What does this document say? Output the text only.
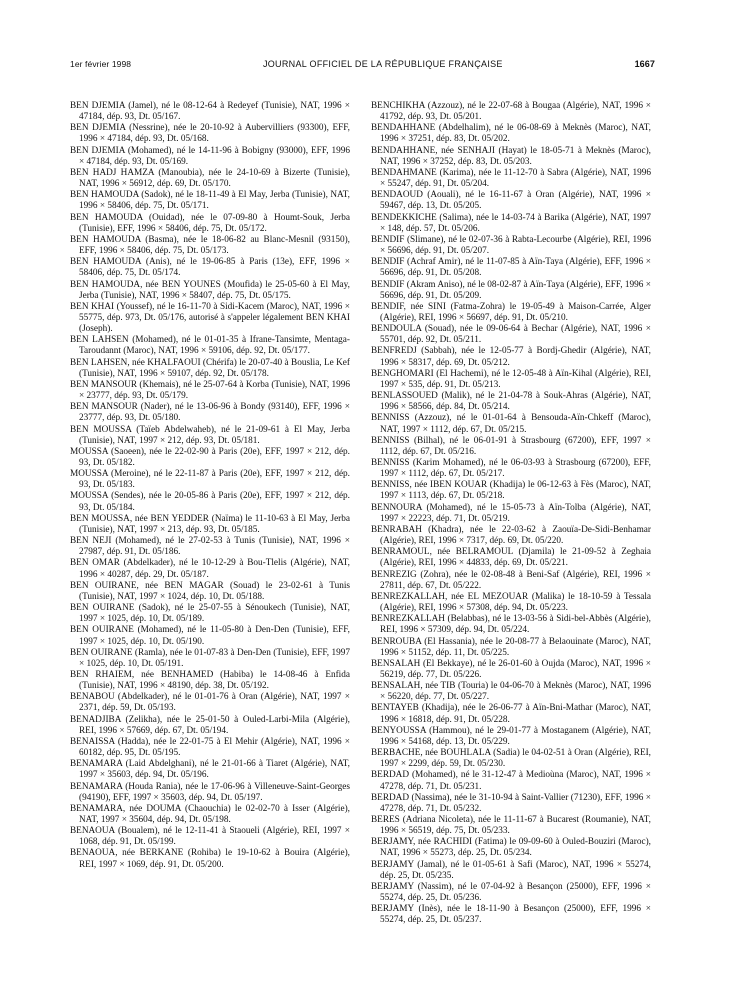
1er février 1998	JOURNAL OFFICIEL DE LA RÉPUBLIQUE FRANÇAISE	1667

BEN DJEMIA (Jamel), né le 08-12-64 à Redeyef (Tunisie), NAT, 1996 × 47184, dép. 93, Dt. 05/167.

BEN DJEMIA (Nessrine), née le 20-10-92 à Aubervilliers (93300), EFF, 1996 × 47184, dép. 93, Dt. 05/168.

BEN DJEMIA (Mohamed), né le 14-11-96 à Bobigny (93000), EFF, 1996 × 47184, dép. 93, Dt. 05/169.

BEN HADJ HAMZA (Manoubia), née le 24-10-69 à Bizerte (Tunisie), NAT, 1996 × 56912, dép. 69, Dt. 05/170.

BEN HAMOUDA (Sadok), né le 18-11-49 à El May, Jerba (Tunisie), NAT, 1996 × 58406, dép. 75, Dt. 05/171.

BEN HAMOUDA (Ouidad), née le 07-09-80 à Houmt-Souk, Jerba (Tunisie), EFF, 1996 × 58406, dép. 75, Dt. 05/172.

BEN HAMOUDA (Basma), née le 18-06-82 au Blanc-Mesnil (93150), EFF, 1996 × 58406, dép. 75, Dt. 05/173.

BEN HAMOUDA (Anis), né le 19-06-85 à Paris (13e), EFF, 1996 × 58406, dép. 75, Dt. 05/174.

BEN HAMOUDA, née BEN YOUNES (Moufida) le 25-05-60 à El May, Jerba (Tunisie), NAT, 1996 × 58407, dép. 75, Dt. 05/175.

BEN KHAI (Youssef), né le 16-11-70 à Sidi-Kacem (Maroc), NAT, 1996 × 55775, dép. 973, Dt. 05/176, autorisé à s'appeler légalement BEN KHAI (Joseph).

BEN LAHSEN (Mohamed), né le 01-01-35 à Ifrane-Tansimte, Mentaga-Taroudannt (Maroc), NAT, 1996 × 59106, dép. 92, Dt. 05/177.

BEN LAHSEN, née KHALFAOUI (Chérifa) le 20-07-40 à Bouslia, Le Kef (Tunisie), NAT, 1996 × 59107, dép. 92, Dt. 05/178.

BEN MANSOUR (Khemais), né le 25-07-64 à Korba (Tunisie), NAT, 1996 × 23777, dép. 93, Dt. 05/179.

BEN MANSOUR (Nader), né le 13-06-96 à Bondy (93140), EFF, 1996 × 23777, dép. 93, Dt. 05/180.

BEN MOUSSA (Taïeb Abdelwaheb), né le 21-09-61 à El May, Jerba (Tunisie), NAT, 1997 × 212, dép. 93, Dt. 05/181.

MOUSSA (Saoeen), née le 22-02-90 à Paris (20e), EFF, 1997 × 212, dép. 93, Dt. 05/182.

MOUSSA (Meroine), né le 22-11-87 à Paris (20e), EFF, 1997 × 212, dép. 93, Dt. 05/183.

MOUSSA (Sendes), née le 20-05-86 à Paris (20e), EFF, 1997 × 212, dép. 93, Dt. 05/184.

BEN MOUSSA, née BEN YEDDER (Naïma) le 11-10-63 à El May, Jerba (Tunisie), NAT, 1997 × 213, dép. 93, Dt. 05/185.

BEN NEJI (Mohamed), né le 27-02-53 à Tunis (Tunisie), NAT, 1996 × 27987, dép. 91, Dt. 05/186.

BEN OMAR (Abdelkader), né le 10-12-29 à Bou-Tlelis (Algérie), NAT, 1996 × 40287, dép. 29, Dt. 05/187.

BEN OUIRANE, née BEN MAGAR (Souad) le 23-02-61 à Tunis (Tunisie), NAT, 1997 × 1024, dép. 10, Dt. 05/188.

BEN OUIRANE (Sadok), né le 25-07-55 à Sénoukech (Tunisie), NAT, 1997 × 1025, dép. 10, Dt. 05/189.

BEN OUIRANE (Mohamed), né le 11-05-80 à Den-Den (Tunisie), EFF, 1997 × 1025, dép. 10, Dt. 05/190.

BEN OUIRANE (Ramla), née le 01-07-83 à Den-Den (Tunisie), EFF, 1997 × 1025, dép. 10, Dt. 05/191.

BEN RHAIEM, née BENHAMED (Habiba) le 14-08-46 à Enfida (Tunisie), NAT, 1996 × 48190, dép. 38, Dt. 05/192.

BENABOU (Abdelkader), né le 01-01-76 à Oran (Algérie), NAT, 1997 × 2371, dép. 59, Dt. 05/193.

BENADJIBA (Zelikha), née le 25-01-50 à Ouled-Larbi-Mila (Algérie), REI, 1996 × 57669, dép. 67, Dt. 05/194.

BENAISSA (Hadda), née le 22-01-75 à El Mehir (Algérie), NAT, 1996 × 60182, dép. 95, Dt. 05/195.

BENAMARA (Laid Abdelghani), né le 21-01-66 à Tiaret (Algérie), NAT, 1997 × 35603, dép. 94, Dt. 05/196.

BENAMARA (Houda Rania), née le 17-06-96 à Villeneuve-Saint-Georges (94190), EFF, 1997 × 35603, dép. 94, Dt. 05/197.

BENAMARA, née DOUMA (Chaouchia) le 02-02-70 à Isser (Algérie), NAT, 1997 × 35604, dép. 94, Dt. 05/198.

BENAOUA (Boualem), né le 12-11-41 à Staoueli (Algérie), REI, 1997 × 1068, dép. 91, Dt. 05/199.

BENAOUA, née BERKANE (Rohiba) le 19-10-62 à Bouira (Algérie), REI, 1997 × 1069, dép. 91, Dt. 05/200.

BENCHIKHA (Azzouz), né le 22-07-68 à Bougaa (Algérie), NAT, 1996 × 41792, dép. 93, Dt. 05/201.

BENDAHHANE (Abdelhalim), né le 06-08-69 à Meknès (Maroc), NAT, 1996 × 37251, dép. 83, Dt. 05/202.

BENDAHHANE, née SENHAJI (Hayat) le 18-05-71 à Meknès (Maroc), NAT, 1996 × 37252, dép. 83, Dt. 05/203.

BENDAHMANE (Karima), née le 11-12-70 à Sabra (Algérie), NAT, 1996 × 55247, dép. 91, Dt. 05/204.

BENDAOUD (Aouali), né le 16-11-67 à Oran (Algérie), NAT, 1996 × 59467, dép. 13, Dt. 05/205.

BENDEKKICHE (Salima), née le 14-03-74 à Barika (Algérie), NAT, 1997 × 148, dép. 57, Dt. 05/206.

BENDIF (Slimane), né le 02-07-36 à Rabta-Lecourbe (Algérie), REI, 1996 × 56696, dép. 91, Dt. 05/207.

BENDIF (Achraf Amir), né le 11-07-85 à Aïn-Taya (Algérie), EFF, 1996 × 56696, dép. 91, Dt. 05/208.

BENDIF (Akram Aniso), né le 08-02-87 à Aïn-Taya (Algérie), EFF, 1996 × 56696, dép. 91, Dt. 05/209.

BENDIF, née SINI (Fatma-Zohra) le 19-05-49 à Maison-Carrée, Alger (Algérie), REI, 1996 × 56697, dép. 91, Dt. 05/210.

BENDOULA (Souad), née le 09-06-64 à Bechar (Algérie), NAT, 1996 × 55701, dép. 92, Dt. 05/211.

BENFREDJ (Sabbah), née le 12-05-77 à Bordj-Ghedir (Algérie), NAT, 1996 × 58317, dép. 69, Dt. 05/212.

BENGHOMARI (El Hachemi), né le 12-05-48 à Aïn-Kihal (Algérie), REI, 1997 × 535, dép. 91, Dt. 05/213.

BENLASSOUED (Malik), né le 21-04-78 à Souk-Ahras (Algérie), NAT, 1996 × 58566, dép. 84, Dt. 05/214.

BENNISS (Azzouz), né le 01-01-64 à Bensouda-Aïn-Chkeff (Maroc), NAT, 1997 × 1112, dép. 67, Dt. 05/215.

BENNISS (Bilhal), né le 06-01-91 à Strasbourg (67200), EFF, 1997 × 1112, dép. 67, Dt. 05/216.

BENNISS (Karim Mohamed), né le 06-03-93 à Strasbourg (67200), EFF, 1997 × 1112, dép. 67, Dt. 05/217.

BENNISS, née IBEN KOUAR (Khadija) le 06-12-63 à Fès (Maroc), NAT, 1997 × 1113, dép. 67, Dt. 05/218.

BENNOURA (Mohamed), né le 15-05-73 à Aïn-Tolba (Algérie), NAT, 1997 × 22223, dép. 71, Dt. 05/219.

BENRABAH (Khadra), née le 22-03-62 à Zaouïa-De-Sidi-Benhamar (Algérie), REI, 1996 × 7317, dép. 69, Dt. 05/220.

BENRAMOUL, née BELRAMOUL (Djamila) le 21-09-52 à Zeghaia (Algérie), REI, 1996 × 44833, dép. 69, Dt. 05/221.

BENREZIG (Zohra), née le 02-08-48 à Beni-Saf (Algérie), REI, 1996 × 27811, dép. 67, Dt. 05/222.

BENREZKALLAH, née EL MEZOUAR (Malika) le 18-10-59 à Tessala (Algérie), REI, 1996 × 57308, dép. 94, Dt. 05/223.

BENREZKALLAH (Belabbas), né le 13-03-56 à Sidi-bel-Abbès (Algérie), REI, 1996 × 57309, dép. 94, Dt. 05/224.

BENROUBA (El Hassania), née le 20-08-77 à Belaouinate (Maroc), NAT, 1996 × 51152, dép. 11, Dt. 05/225.

BENSALAH (El Bekkaye), né le 26-01-60 à Oujda (Maroc), NAT, 1996 × 56219, dép. 77, Dt. 05/226.

BENSALAH, née TIB (Touria) le 04-06-70 à Meknès (Maroc), NAT, 1996 × 56220, dép. 77, Dt. 05/227.

BENTAYEB (Khadija), née le 26-06-77 à Aïn-Bni-Mathar (Maroc), NAT, 1996 × 16818, dép. 91, Dt. 05/228.

BENYOUSSA (Hammou), né le 29-01-77 à Mostaganem (Algérie), NAT, 1996 × 54168, dép. 13, Dt. 05/229.

BERBACHE, née BOUHLALA (Sadia) le 04-02-51 à Oran (Algérie), REI, 1997 × 2299, dép. 59, Dt. 05/230.

BERDAD (Mohamed), né le 31-12-47 à Medioùna (Maroc), NAT, 1996 × 47278, dép. 71, Dt. 05/231.

BERDAD (Nassima), née le 31-10-94 à Saint-Vallier (71230), EFF, 1996 × 47278, dép. 71, Dt. 05/232.

BERES (Adriana Nicoleta), née le 11-11-67 à Bucarest (Roumanie), NAT, 1996 × 56519, dép. 75, Dt. 05/233.

BERJAMY, née RACHIDI (Fatima) le 09-09-60 à Ouled-Bouziri (Maroc), NAT, 1996 × 55273, dép. 25, Dt. 05/234.

BERJAMY (Jamal), né le 01-05-61 à Safi (Maroc), NAT, 1996 × 55274, dép. 25, Dt. 05/235.

BERJAMY (Nassim), né le 07-04-92 à Besançon (25000), EFF, 1996 × 55274, dép. 25, Dt. 05/236.

BERJAMY (Inès), née le 18-11-90 à Besançon (25000), EFF, 1996 × 55274, dép. 25, Dt. 05/237.
